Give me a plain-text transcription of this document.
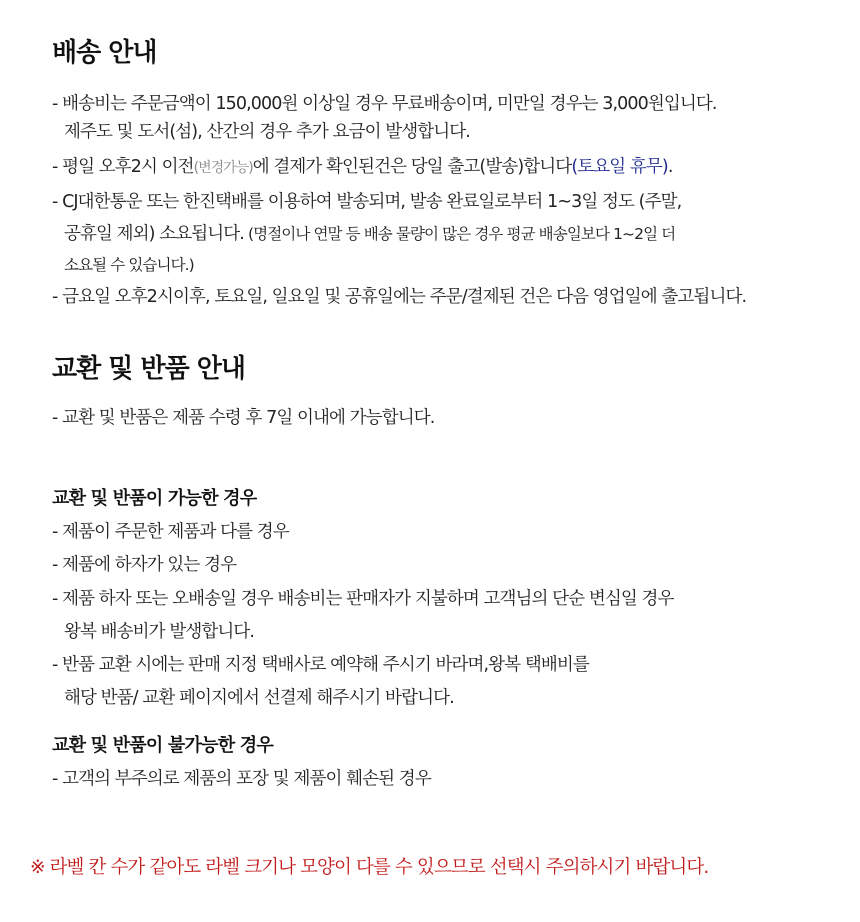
배송 안내

- 배송비는 주문금액이 150,000원 이상일 경우 무료배송이며, 미만일 경우는 3,000원입니다.

제주도 및 도서(섬), 산간의 경우 추가 요금이 발생합니다.

- 평일 오후2시 이전(변경가능)에 결제가 확인된건은 당일 출고(발송)합니다(토요일 휴무).

- CJ대한통운 또는 한진택배를 이용하여 발송되며, 발송 완료일로부터 1~3일 정도 (주말,

공휴일 제외) 소요됩니다. (명절이나 연말 등 배송 물량이 많은 경우 평균 배송일보다 1~2일 더

소요될 수 있습니다.)

- 금요일 오후2시이후, 토요일, 일요일 및 공휴일에는 주문/결제된 건은 다음 영업일에 출고됩니다.

교환 및 반품 안내

- 교환 및 반품은 제품 수령 후 7일 이내에 가능합니다.

교환 및 반품이 가능한 경우

- 제품이 주문한 제품과 다를 경우

- 제품에 하자가 있는 경우

- 제품 하자 또는 오배송일 경우 배송비는 판매자가 지불하며 고객님의 단순 변심일 경우

왕복 배송비가 발생합니다.

- 반품 교환 시에는 판매 지정 택배사로 예약해 주시기 바라며,왕복 택배비를

해당 반품/ 교환 페이지에서 선결제 해주시기 바랍니다.

교환 및 반품이 불가능한 경우

- 고객의 부주의로 제품의 포장 및 제품이 훼손된 경우

※ 라벨 칸 수가 같아도 라벨 크기나 모양이 다를 수 있으므로 선택시 주의하시기 바랍니다.
